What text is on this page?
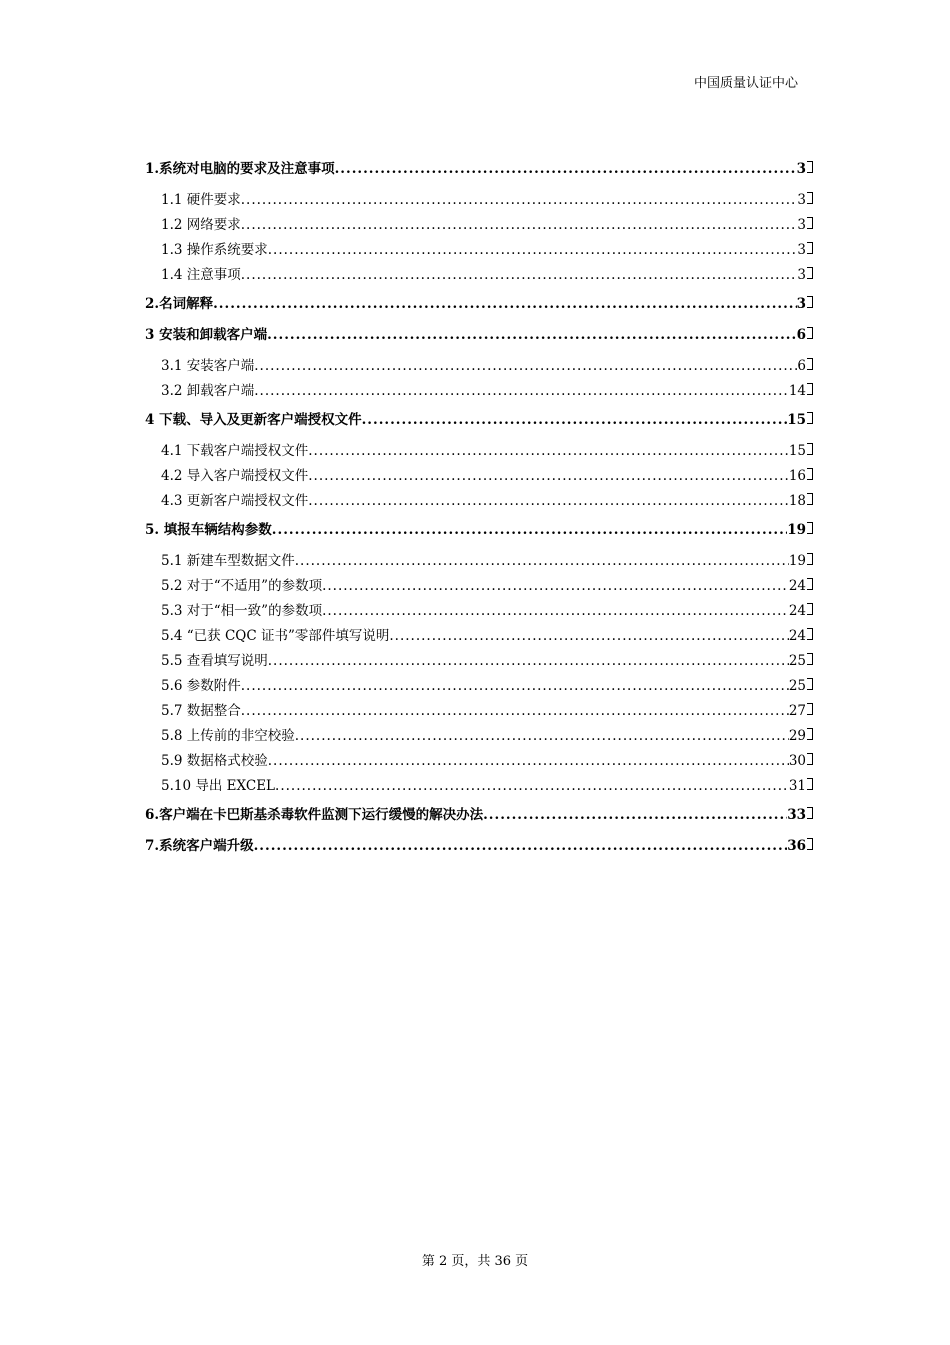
中国质量认证中心
1.系统对电脑的要求及注意事项 .....	3
1.1 硬件要求 .....	3
1.2 网络要求 .....	3
1.3 操作系统要求 .....	3
1.4 注意事项 .....	3
2.名词解释 .....	3
3 安装和卸载客户端 .....	6
3.1 安装客户端 .....	6
3.2 卸载客户端 .....	14
4 下载、导入及更新客户端授权文件 .....	15
4.1 下载客户端授权文件 .....	15
4.2 导入客户端授权文件 .....	16
4.3 更新客户端授权文件 .....	18
5. 填报车辆结构参数 .....	19
5.1 新建车型数据文件 .....	19
5.2 对于“不适用”的参数项 .....	24
5.3 对于“相一致”的参数项 .....	24
5.4 “已获 CQC 证书”零部件填写说明 .....	24
5.5 查看填写说明 .....	25
5.6 参数附件 .....	25
5.7 数据整合 .....	27
5.8 上传前的非空校验 .....	29
5.9 数据格式校验 .....	30
5.10 导出 EXCEL .....	31
6.客户端在卡巴斯基杀毒软件监测下运行缓慢的解决办法 .....	33
7.系统客户端升级 .....	36
第 2 页，共 36 页
